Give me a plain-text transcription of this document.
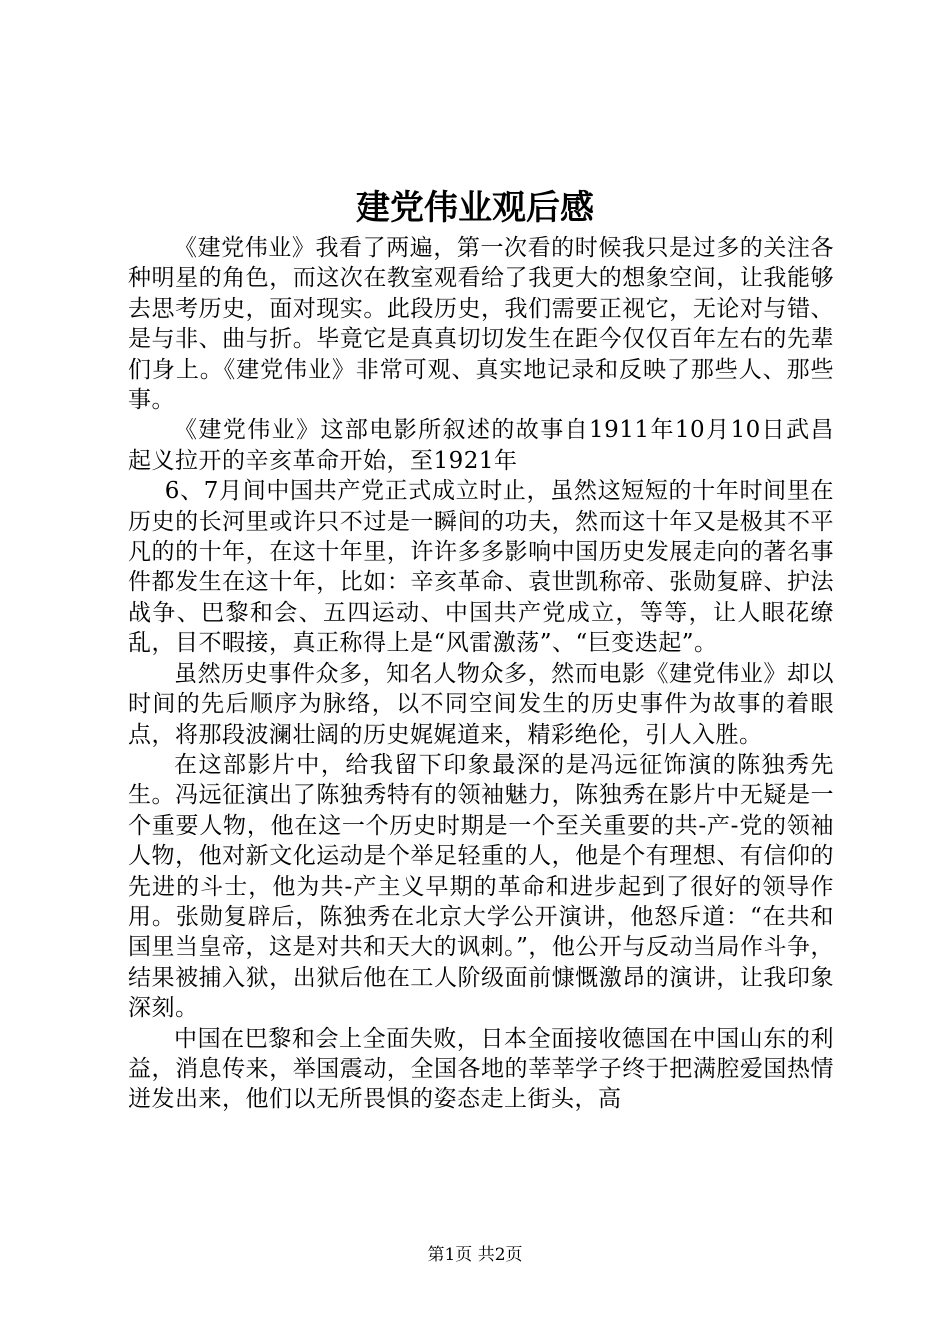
建党伟业观后感

《建党伟业》我看了两遍，第一次看的时候我只是过多的关注各种明星的角色，而这次在教室观看给了我更大的想象空间，让我能够去思考历史，面对现实。此段历史，我们需要正视它，无论对与错、是与非、曲与折。毕竟它是真真切切发生在距今仅仅百年左右的先辈们身上。《建党伟业》非常可观、真实地记录和反映了那些人、那些事。

《建党伟业》这部电影所叙述的故事自1911年10月10日武昌起义拉开的辛亥革命开始，至1921年

6、7月间中国共产党正式成立时止，虽然这短短的十年时间里在历史的长河里或许只不过是一瞬间的功夫，然而这十年又是极其不平凡的的十年，在这十年里，许许多多影响中国历史发展走向的著名事件都发生在这十年，比如：辛亥革命、袁世凯称帝、张勋复辟、护法战争、巴黎和会、五四运动、中国共产党成立，等等，让人眼花缭乱，目不暇接，真正称得上是“风雷激荡”、“巨变迭起”。

虽然历史事件众多，知名人物众多，然而电影《建党伟业》却以时间的先后顺序为脉络，以不同空间发生的历史事件为故事的着眼点，将那段波澜壮阔的历史娓娓道来，精彩绝伦，引人入胜。

在这部影片中，给我留下印象最深的是冯远征饰演的陈独秀先生。冯远征演出了陈独秀特有的领袖魅力，陈独秀在影片中无疑是一个重要人物，他在这一个历史时期是一个至关重要的共-产-党的领袖人物，他对新文化运动是个举足轻重的人，他是个有理想、有信仰的先进的斗士，他为共-产主义早期的革命和进步起到了很好的领导作用。张勋复辟后，陈独秀在北京大学公开演讲，他怒斥道：“在共和国里当皇帝，这是对共和天大的讽刺。”，他公开与反动当局作斗争，结果被捕入狱，出狱后他在工人阶级面前慷慨激昂的演讲，让我印象深刻。

中国在巴黎和会上全面失败，日本全面接收德国在中国山东的利益，消息传来，举国震动，全国各地的莘莘学子终于把满腔爱国热情迸发出来，他们以无所畏惧的姿态走上街头，高

第1页 共2页
